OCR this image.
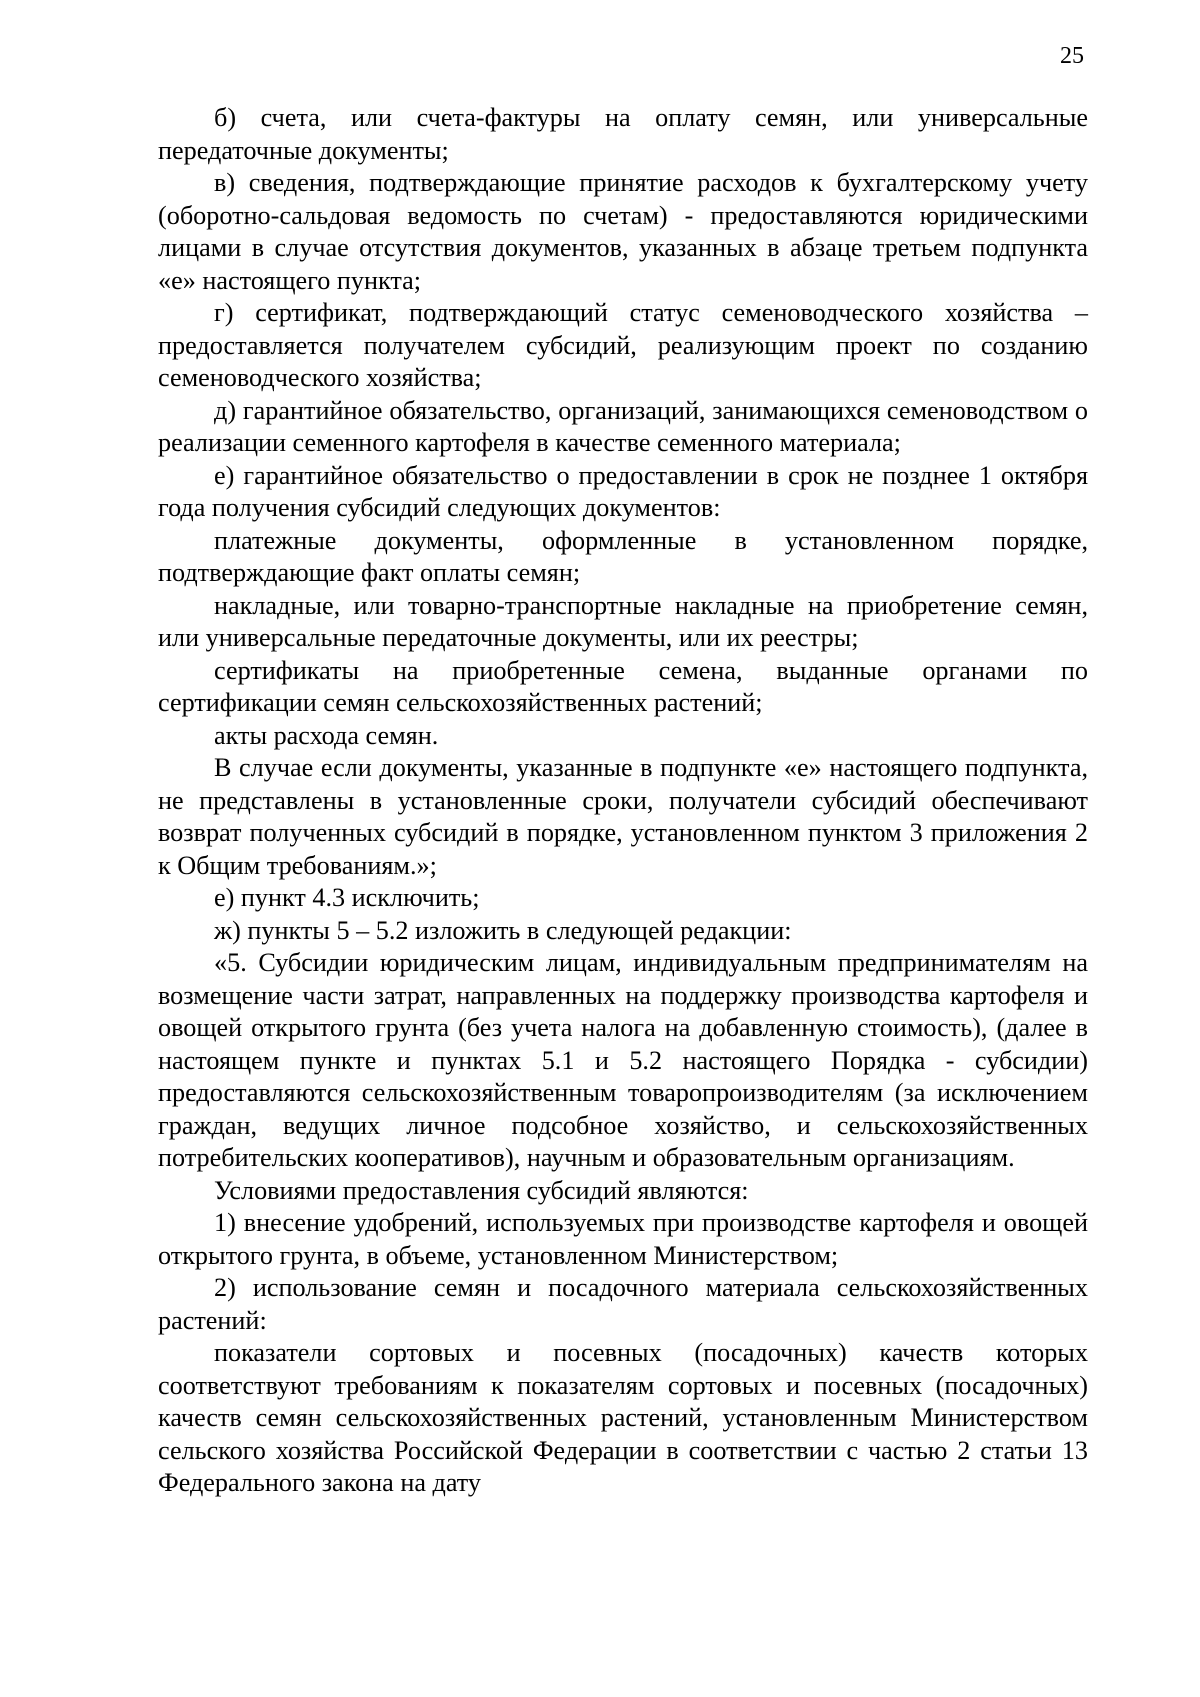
25

б) счета, или счета-фактуры на оплату семян, или универсальные передаточные документы;

в) сведения, подтверждающие принятие расходов к бухгалтерскому учету (оборотно-сальдовая ведомость по счетам) - предоставляются юридическими лицами в случае отсутствия документов, указанных в абзаце третьем подпункта «е» настоящего пункта;

г) сертификат, подтверждающий статус семеноводческого хозяйства – предоставляется получателем субсидий, реализующим проект по созданию семеноводческого хозяйства;

д) гарантийное обязательство, организаций, занимающихся семеноводством о реализации семенного картофеля в качестве семенного материала;

е) гарантийное обязательство о предоставлении в срок не позднее 1 октября года получения субсидий следующих документов:

платежные документы, оформленные в установленном порядке, подтверждающие факт оплаты семян;

накладные, или товарно-транспортные накладные на приобретение семян, или универсальные передаточные документы, или их реестры;

сертификаты на приобретенные семена, выданные органами по сертификации семян сельскохозяйственных растений;

акты расхода семян.

В случае если документы, указанные в подпункте «е» настоящего подпункта, не представлены в установленные сроки, получатели субсидий обеспечивают возврат полученных субсидий в порядке, установленном пунктом 3 приложения 2 к Общим требованиям.»;

е) пункт 4.3 исключить;

ж) пункты 5 – 5.2 изложить в следующей редакции:

«5. Субсидии юридическим лицам, индивидуальным предпринимателям на возмещение части затрат, направленных на поддержку производства картофеля и овощей открытого грунта (без учета налога на добавленную стоимость), (далее в настоящем пункте и пунктах 5.1 и 5.2 настоящего Порядка - субсидии) предоставляются сельскохозяйственным товаропроизводителям (за исключением граждан, ведущих личное подсобное хозяйство, и сельскохозяйственных потребительских кооперативов), научным и образовательным организациям.

Условиями предоставления субсидий являются:

1) внесение удобрений, используемых при производстве картофеля и овощей открытого грунта, в объеме, установленном Министерством;

2) использование семян и посадочного материала сельскохозяйственных растений:

показатели сортовых и посевных (посадочных) качеств которых соответствуют требованиям к показателям сортовых и посевных (посадочных) качеств семян сельскохозяйственных растений, установленным Министерством сельского хозяйства Российской Федерации в соответствии с частью 2 статьи 13 Федерального закона на дату
